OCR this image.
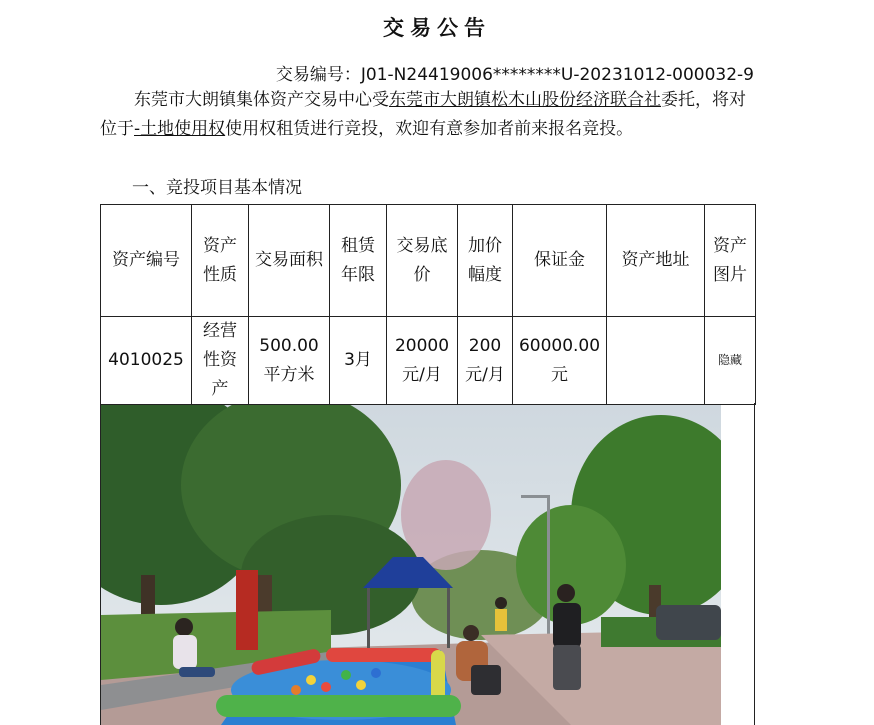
交易公告
交易编号：J01-N24419006********U-20231012-000032-9
东莞市大朗镇集体资产交易中心受东莞市大朗镇松木山股份经济联合社委托，将对位于-土地使用权使用权租赁进行竞投，欢迎有意参加者前来报名竞投。
一、竞投项目基本情况
资产编号	资产性质	交易面积	租赁年限	交易底价	加价幅度	保证金	资产地址	资产图片
4010025	经营性资产	500.00平方米	3月	20000元/月	200元/月	60000.00元		隐藏
